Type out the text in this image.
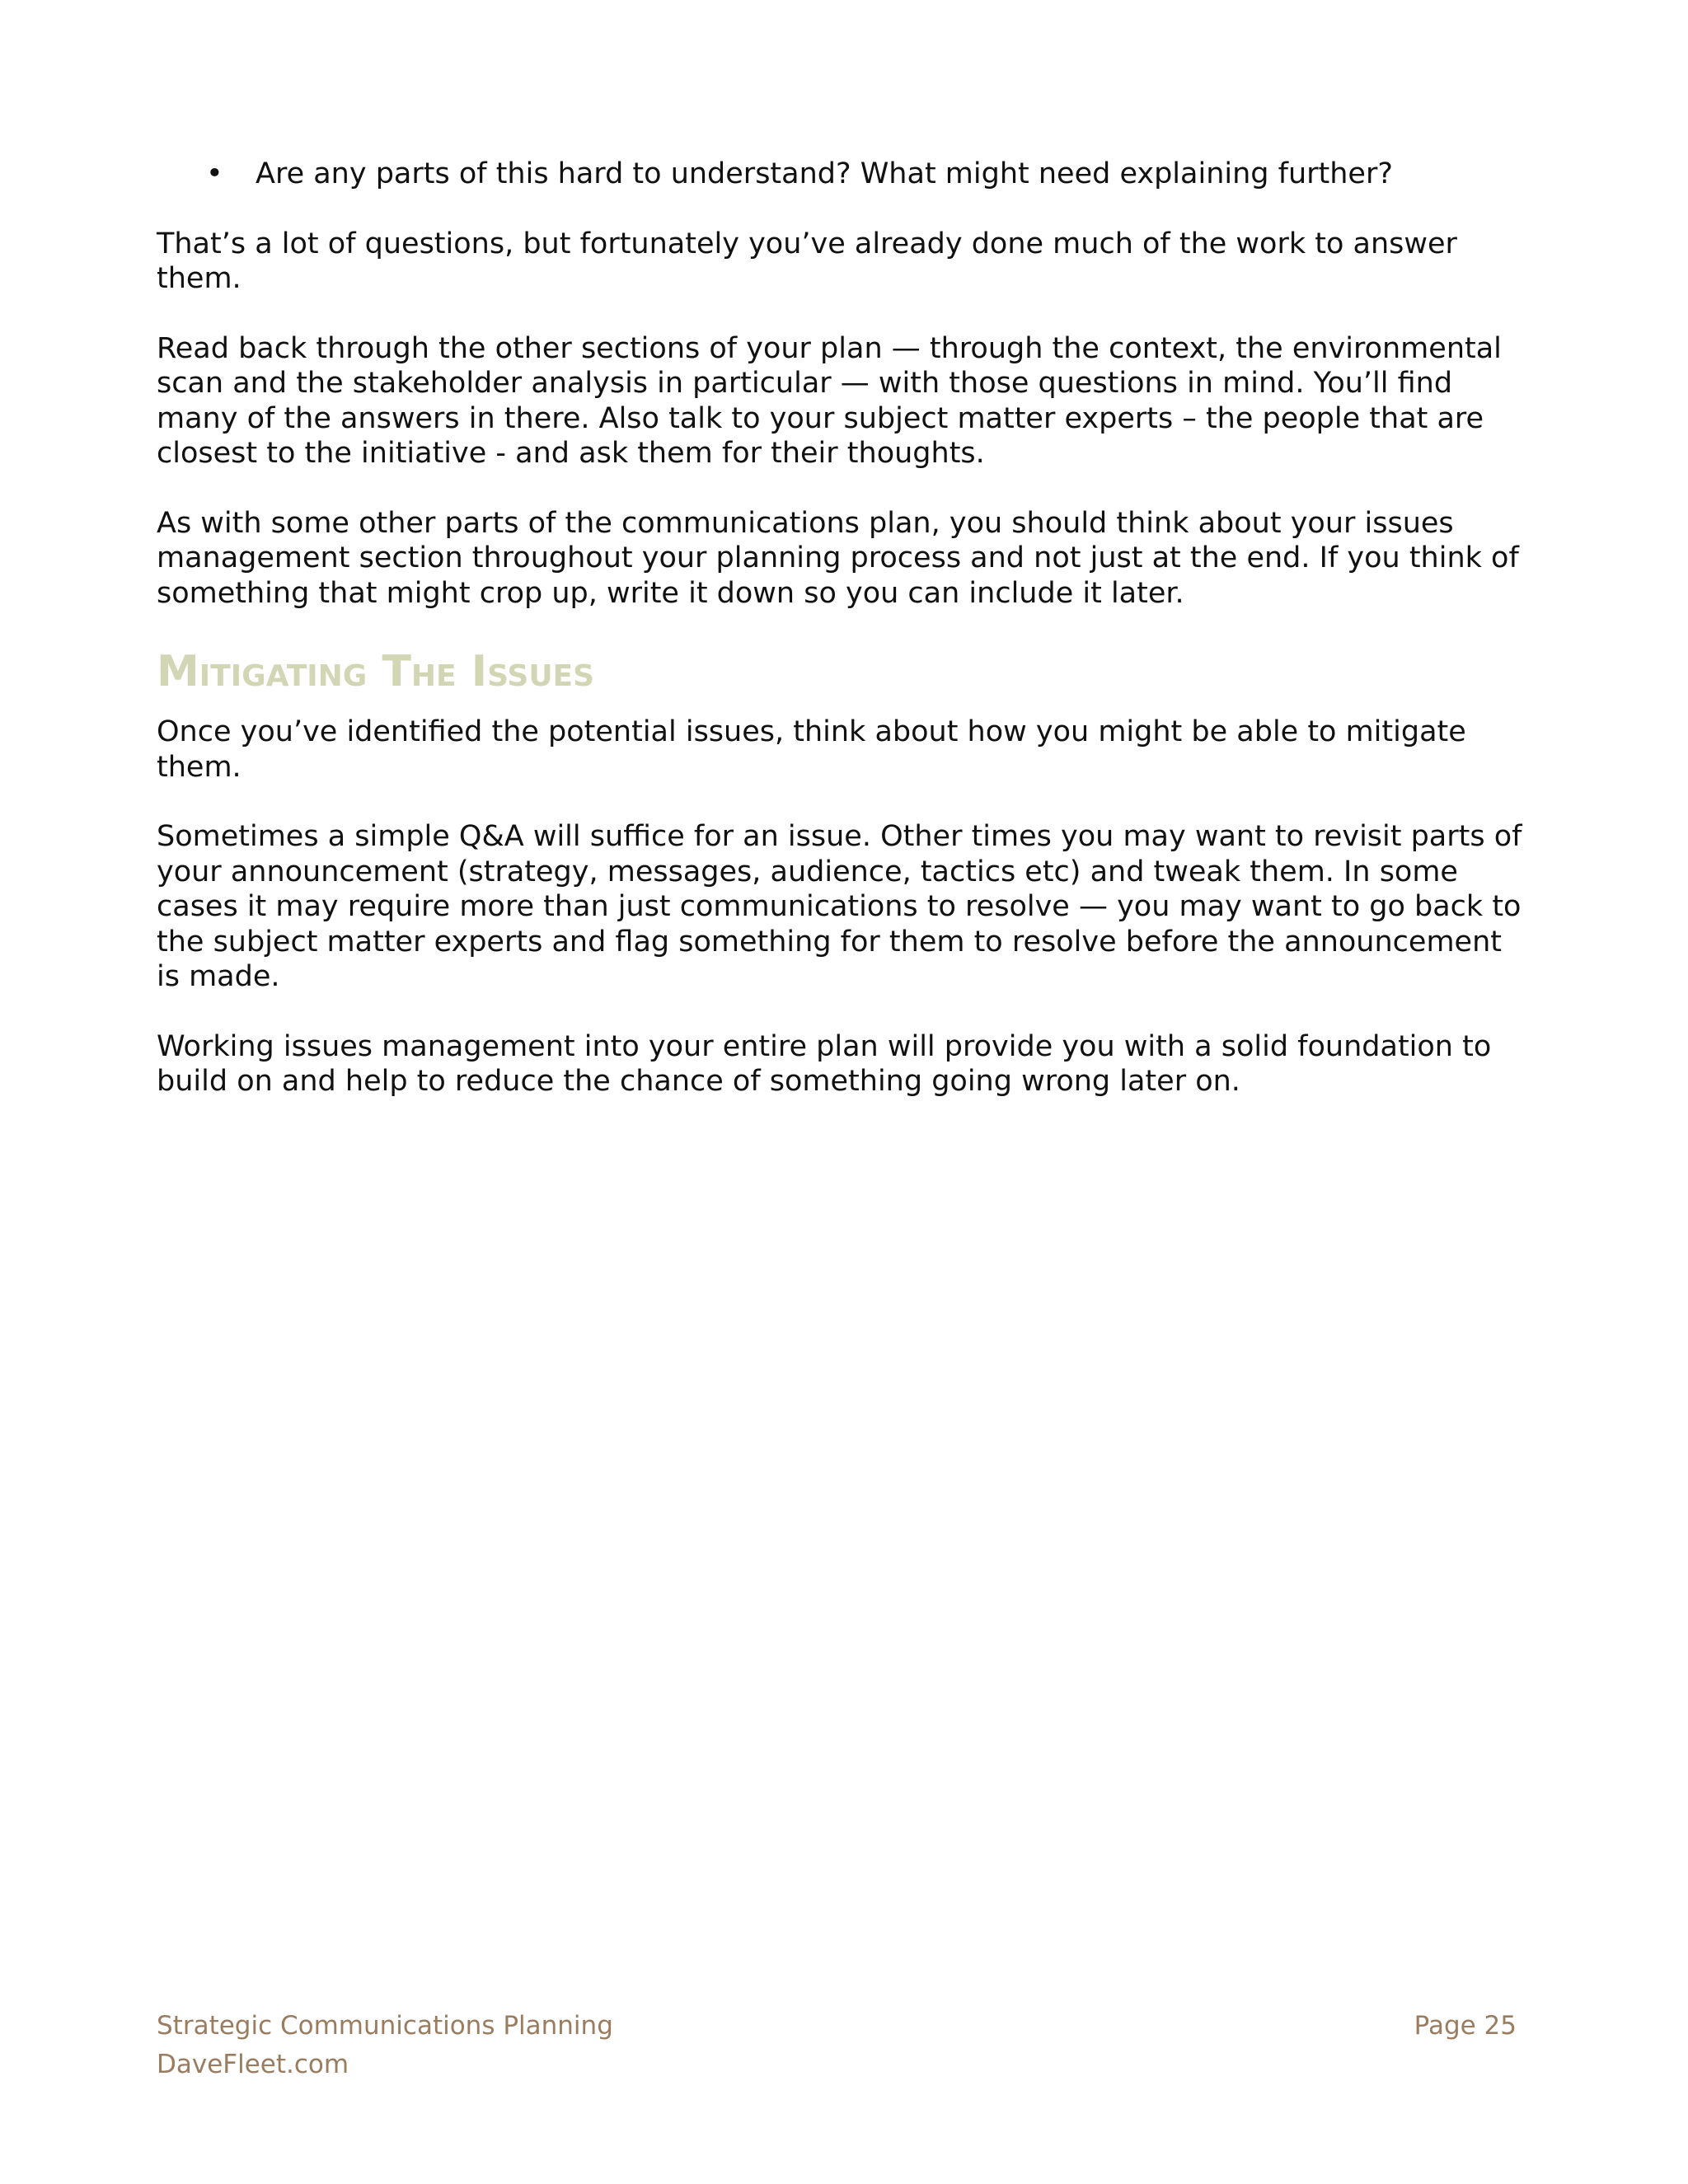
• Are any parts of this hard to understand? What might need explaining further?

That’s a lot of questions, but fortunately you’ve already done much of the work to answer them.

Read back through the other sections of your plan — through the context, the environmental scan and the stakeholder analysis in particular — with those questions in mind. You’ll find many of the answers in there. Also talk to your subject matter experts – the people that are closest to the initiative - and ask them for their thoughts.

As with some other parts of the communications plan, you should think about your issues management section throughout your planning process and not just at the end. If you think of something that might crop up, write it down so you can include it later.

Mitigating The Issues

Once you’ve identified the potential issues, think about how you might be able to mitigate them.

Sometimes a simple Q&A will suffice for an issue. Other times you may want to revisit parts of your announcement (strategy, messages, audience, tactics etc) and tweak them. In some cases it may require more than just communications to resolve — you may want to go back to the subject matter experts and flag something for them to resolve before the announcement is made.

Working issues management into your entire plan will provide you with a solid foundation to build on and help to reduce the chance of something going wrong later on.

Strategic Communications Planning
DaveFleet.com
Page 25
